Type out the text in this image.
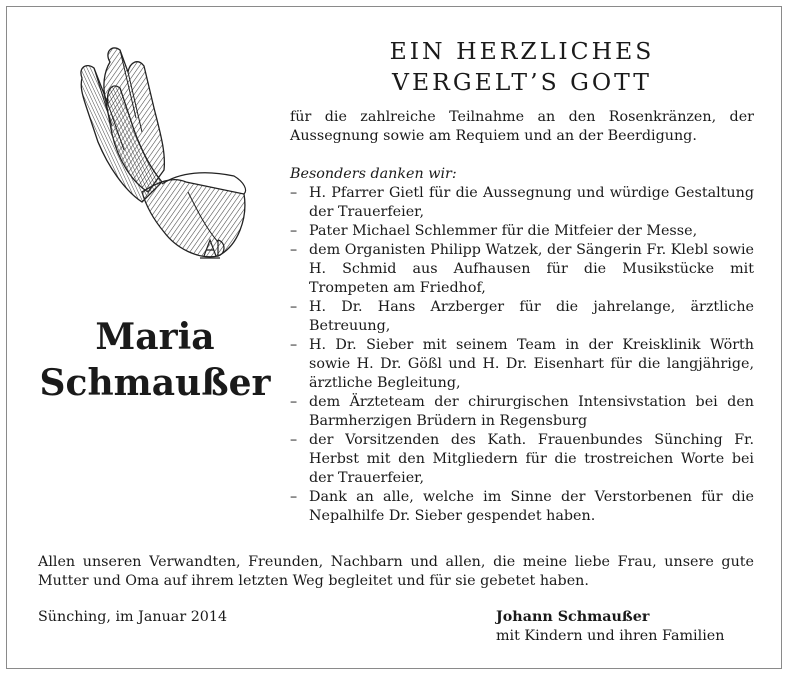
Maria
Schmaußer
EIN HERZLICHES
VERGELT’S GOTT
für die zahlreiche Teilnahme an den Rosenkränzen, der Aussegnung sowie am Requiem und an der Beerdigung.
Besonders danken wir:
– H. Pfarrer Gietl für die Aussegnung und würdige Gestaltung der Trauerfeier,
– Pater Michael Schlemmer für die Mitfeier der Messe,
– dem Organisten Philipp Watzek, der Sängerin Fr. Klebl sowie H. Schmid aus Aufhausen für die Musikstücke mit Trompeten am Friedhof,
– H. Dr. Hans Arzberger für die jahrelange, ärztliche Betreuung,
– H. Dr. Sieber mit seinem Team in der Kreisklinik Wörth sowie H. Dr. Gößl und H. Dr. Eisenhart für die langjährige, ärztliche Begleitung,
– dem Ärzteteam der chirurgischen Intensivstation bei den Barmherzigen Brüdern in Regensburg
– der Vorsitzenden des Kath. Frauenbundes Sünching Fr. Herbst mit den Mitgliedern für die trostreichen Worte bei der Trauerfeier,
– Dank an alle, welche im Sinne der Verstorbenen für die Nepalhilfe Dr. Sieber gespendet haben.
Allen unseren Verwandten, Freunden, Nachbarn und allen, die meine liebe Frau, unsere gute Mutter und Oma auf ihrem letzten Weg begleitet und für sie gebetet haben.
Sünching, im Januar 2014	Johann Schmaußer
mit Kindern und ihren Familien
